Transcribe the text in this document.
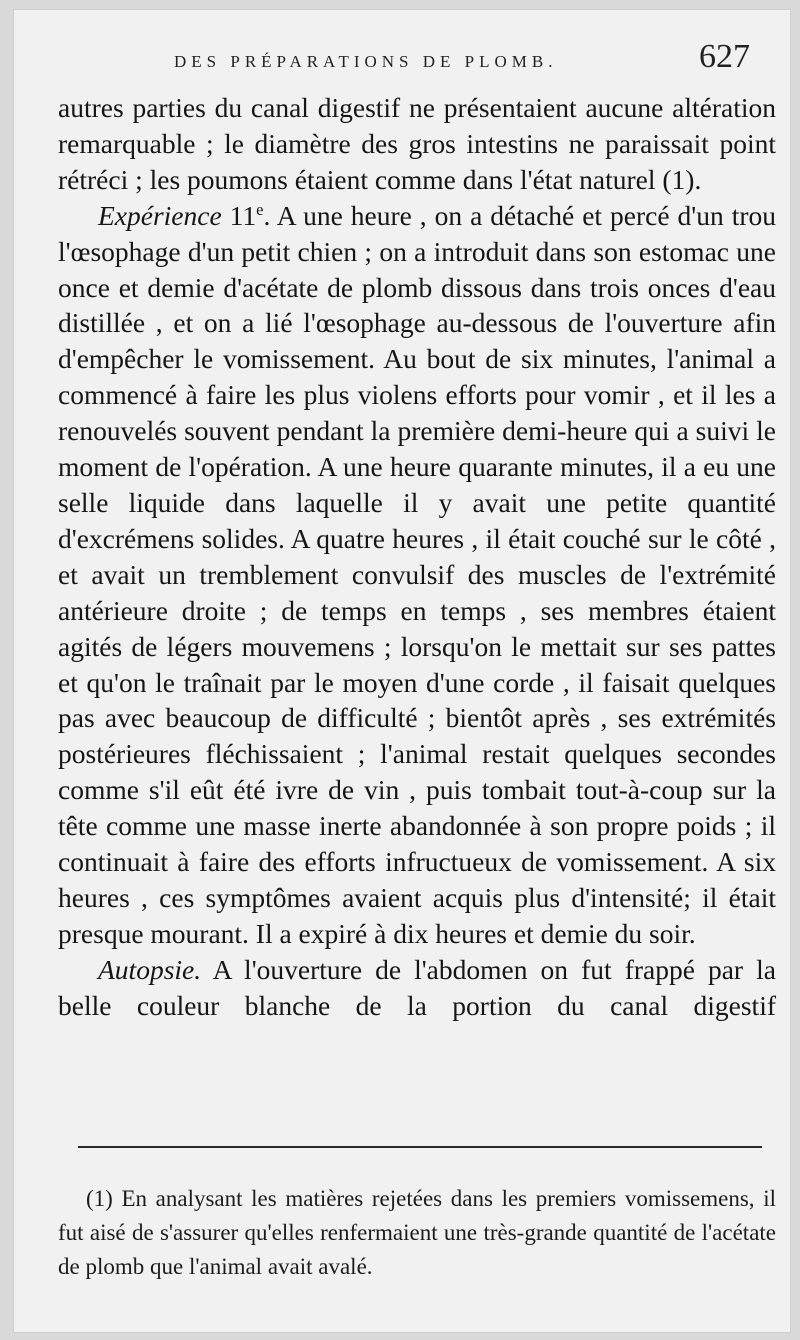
DES PRÉPARATIONS DE PLOMB.	627

autres parties du canal digestif ne présentaient aucune altération remarquable ; le diamètre des gros intestins ne paraissait point rétréci ; les poumons étaient comme dans l'état naturel (1).

Expérience 11e. A une heure , on a détaché et percé d'un trou l'œsophage d'un petit chien ; on a introduit dans son estomac une once et demie d'acétate de plomb dissous dans trois onces d'eau distillée , et on a lié l'œsophage au-dessous de l'ouverture afin d'empêcher le vomissement. Au bout de six minutes, l'animal a commencé à faire les plus violens efforts pour vomir , et il les a renouvelés souvent pendant la première demi-heure qui a suivi le moment de l'opération. A une heure quarante minutes, il a eu une selle liquide dans laquelle il y avait une petite quantité d'excrémens solides. A quatre heures , il était couché sur le côté , et avait un tremblement convulsif des muscles de l'extrémité antérieure droite ; de temps en temps , ses membres étaient agités de légers mouvemens ; lorsqu'on le mettait sur ses pattes et qu'on le traînait par le moyen d'une corde , il faisait quelques pas avec beaucoup de difficulté ; bientôt après , ses extrémités postérieures fléchissaient ; l'animal restait quelques secondes comme s'il eût été ivre de vin , puis tombait tout-à-coup sur la tête comme une masse inerte abandonnée à son propre poids ; il continuait à faire des efforts infructueux de vomissement. A six heures , ces symptômes avaient acquis plus d'intensité; il était presque mourant. Il a expiré à dix heures et demie du soir.

Autopsie. A l'ouverture de l'abdomen on fut frappé par la belle couleur blanche de la portion du canal digestif

(1) En analysant les matières rejetées dans les premiers vomissemens, il fut aisé de s'assurer qu'elles renfermaient une très-grande quantité de l'acétate de plomb que l'animal avait avalé.
